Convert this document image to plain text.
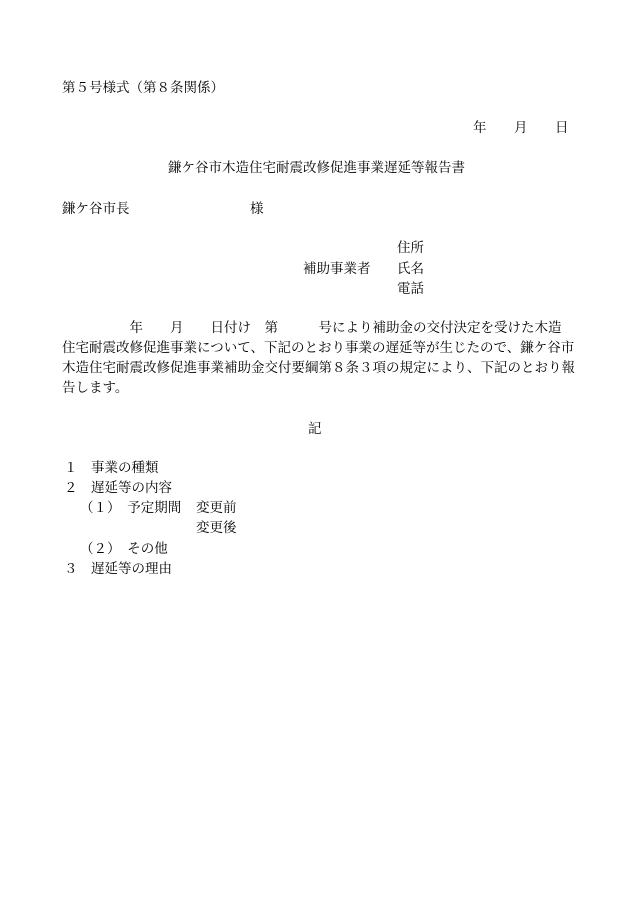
第５号様式（第８条関係）
年 月 日
鎌ケ谷市木造住宅耐震改修促進事業遅延等報告書
鎌ケ谷市長	様
住所
補助事業者 氏名
電話
　　　　　年　　月　　日付け　第　　　号により補助金の交付決定を受けた木造
住宅耐震改修促進事業について、下記のとおり事業の遅延等が生じたので、鎌ケ谷市
木造住宅耐震改修促進事業補助金交付要綱第８条３項の規定により、下記のとおり報
告します。
記
１　事業の種類
２　遅延等の内容
（１）　予定期間 変更前
変更後
（２）　その他
３　遅延等の理由
